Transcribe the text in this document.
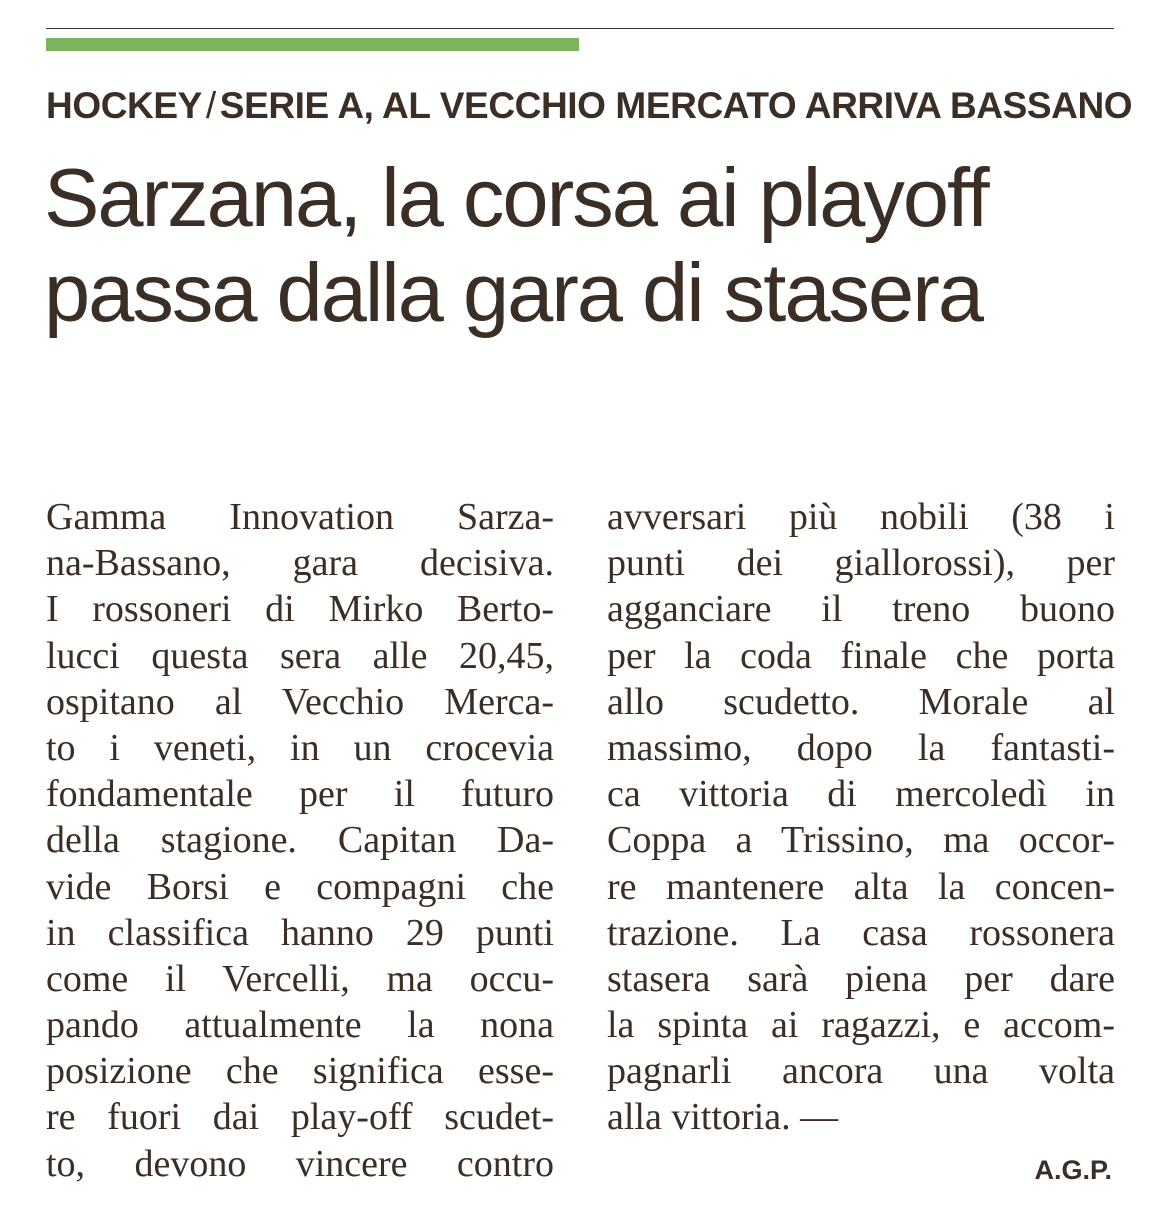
HOCKEY / SERIE A, AL VECCHIO MERCATO ARRIVA BASSANO
Sarzana, la corsa ai playoff
passa dalla gara di stasera
Gamma Innovation Sarza-
na-Bassano, gara decisiva.
I rossoneri di Mirko Berto-
lucci questa sera alle 20,45,
ospitano al Vecchio Merca-
to i veneti, in un crocevia
fondamentale per il futuro
della stagione. Capitan Da-
vide Borsi e compagni che
in classifica hanno 29 punti
come il Vercelli, ma occu-
pando attualmente la nona
posizione che significa esse-
re fuori dai play-off scudet-
to, devono vincere contro
avversari più nobili (38 i
punti dei giallorossi), per
agganciare il treno buono
per la coda finale che porta
allo scudetto. Morale al
massimo, dopo la fantasti-
ca vittoria di mercoledì in
Coppa a Trissino, ma occor-
re mantenere alta la concen-
trazione. La casa rossonera
stasera sarà piena per dare
la spinta ai ragazzi, e accom-
pagnarli ancora una volta
alla vittoria. —
A.G.P.
